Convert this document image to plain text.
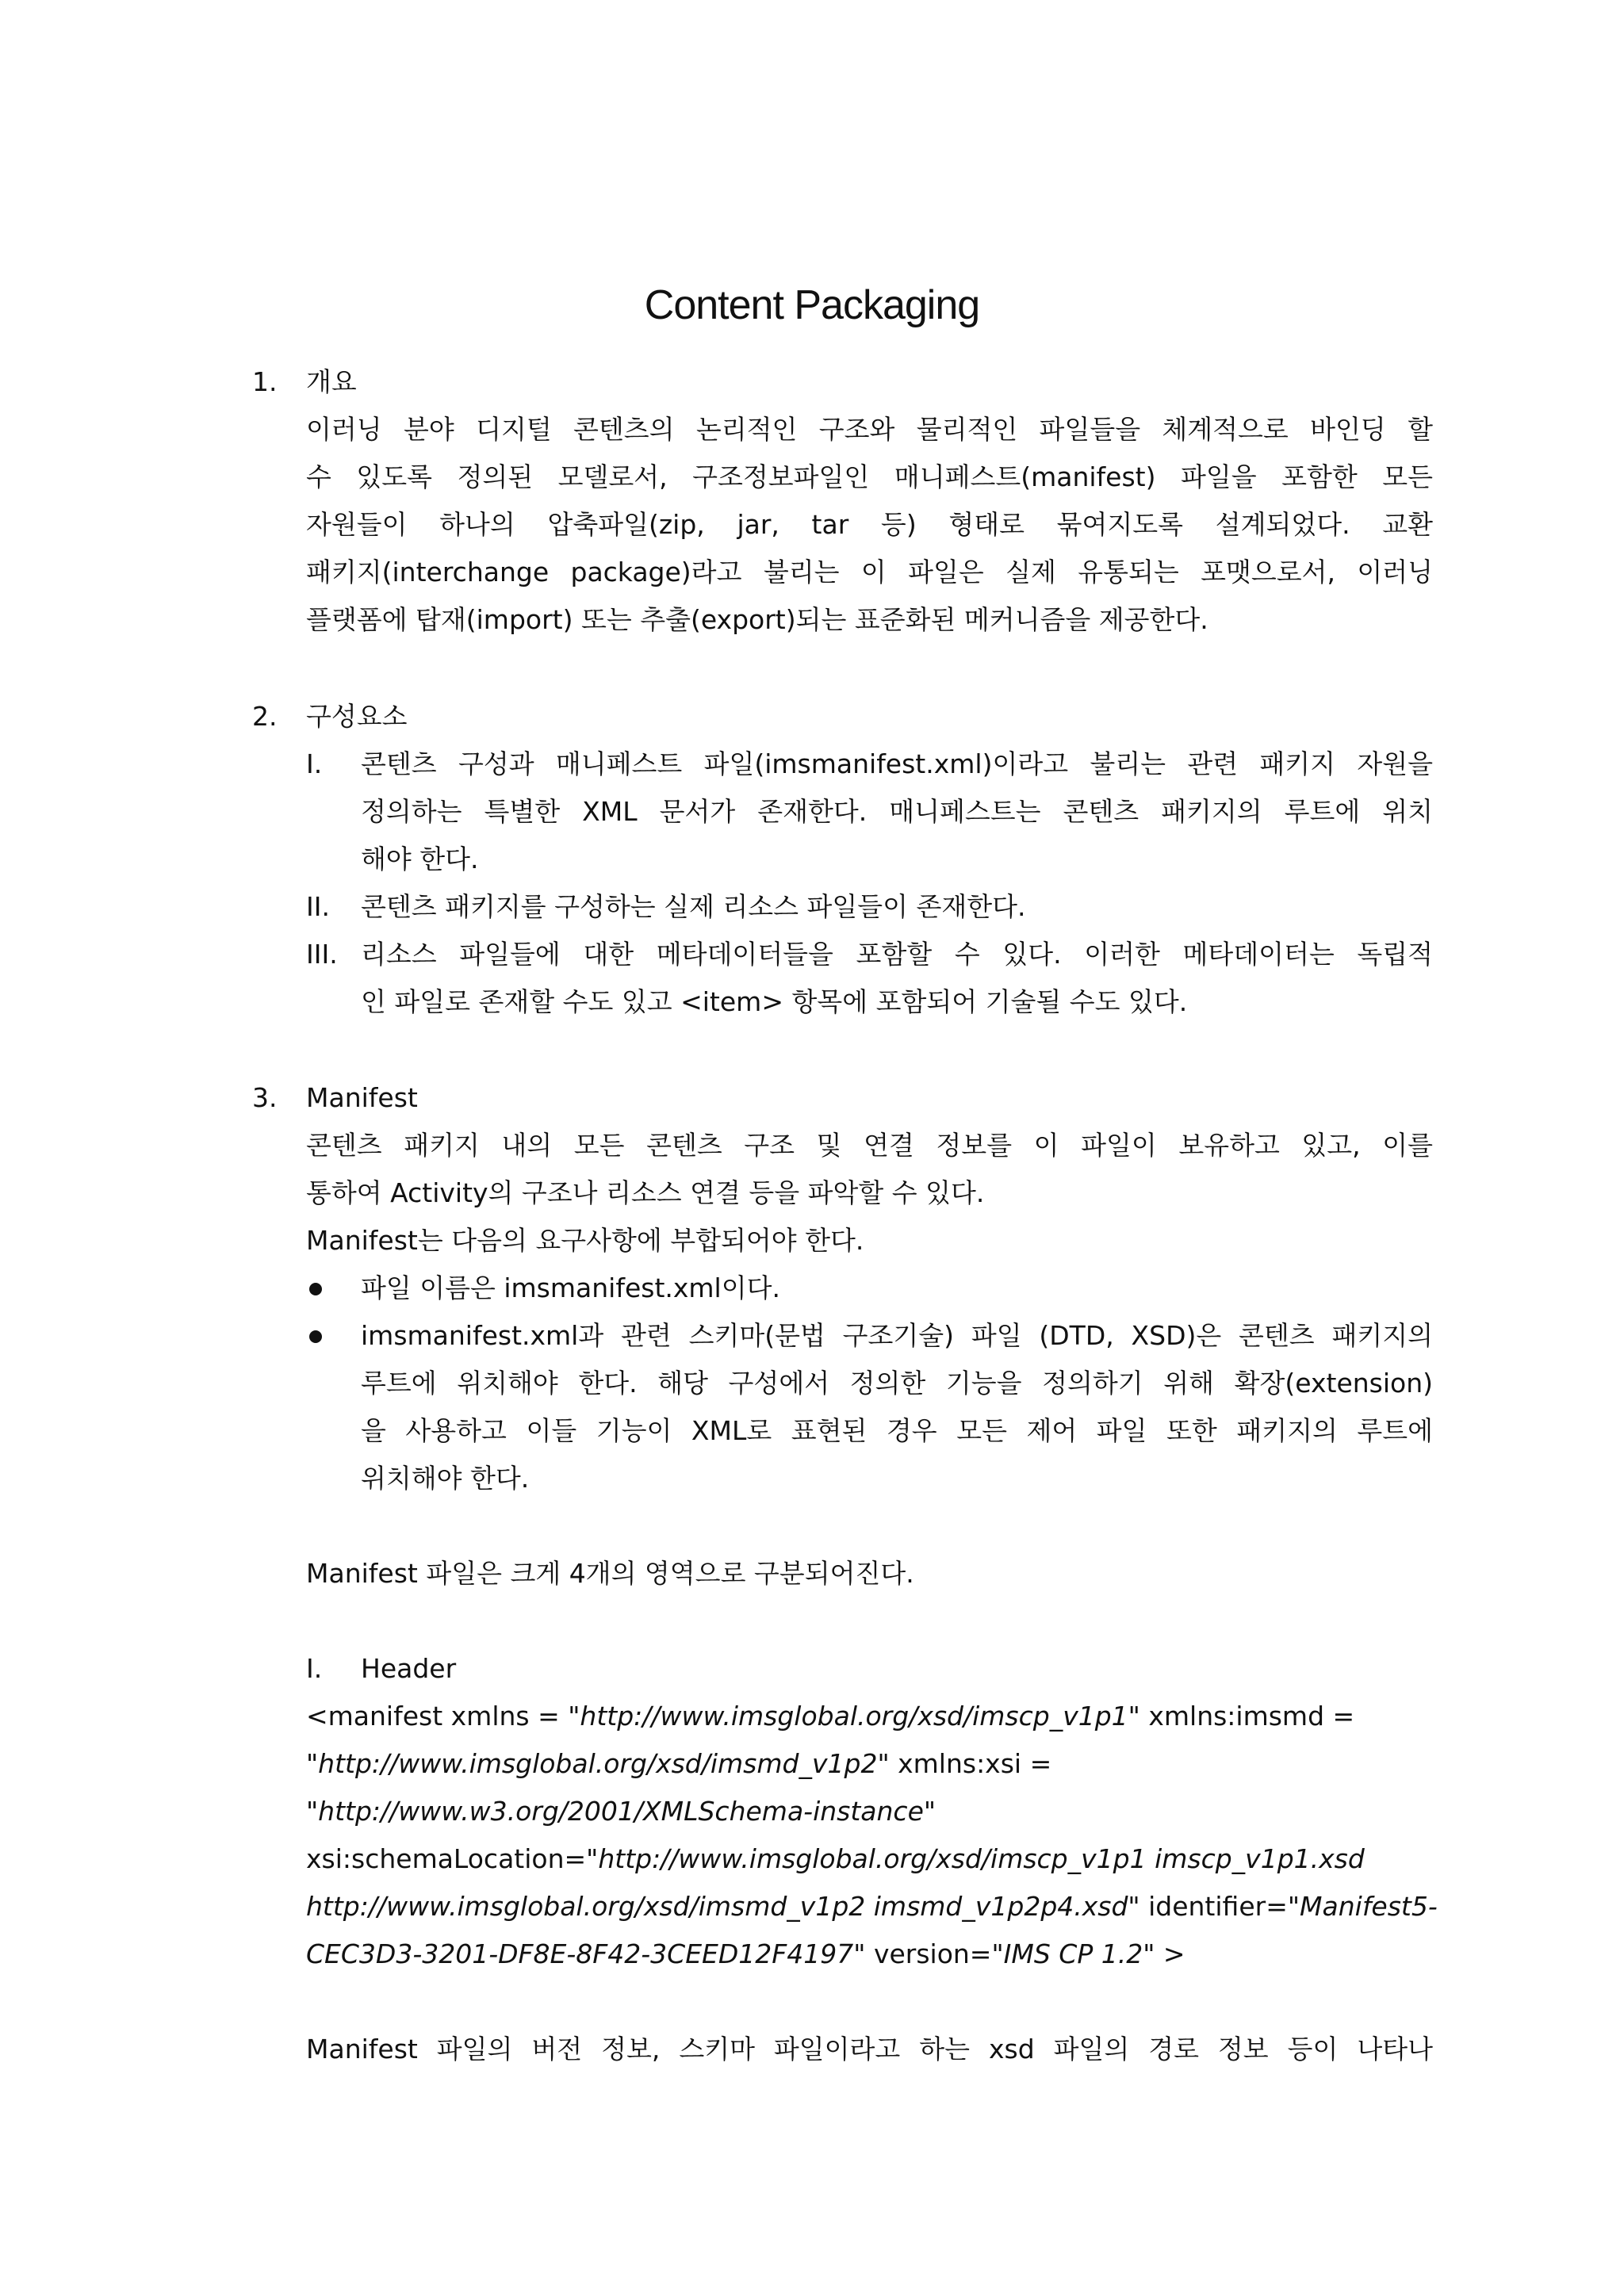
Content Packaging
1. 개요
이러닝 분야 디지털 콘텐츠의 논리적인 구조와 물리적인 파일들을 체계적으로 바인딩 할
수 있도록 정의된 모델로서, 구조정보파일인 매니페스트(manifest) 파일을 포함한 모든
자원들이 하나의 압축파일(zip, jar, tar 등) 형태로 묶여지도록 설계되었다. 교환
패키지(interchange package)라고 불리는 이 파일은 실제 유통되는 포맷으로서, 이러닝
플랫폼에 탑재(import) 또는 추출(export)되는 표준화된 메커니즘을 제공한다.
2. 구성요소
I. 콘텐츠 구성과 매니페스트 파일(imsmanifest.xml)이라고 불리는 관련 패키지 자원을
정의하는 특별한 XML 문서가 존재한다. 매니페스트는 콘텐츠 패키지의 루트에 위치
해야 한다.
II. 콘텐츠 패키지를 구성하는 실제 리소스 파일들이 존재한다.
III. 리소스 파일들에 대한 메타데이터들을 포함할 수 있다. 이러한 메타데이터는 독립적
인 파일로 존재할 수도 있고 <item> 항목에 포함되어 기술될 수도 있다.
3. Manifest
콘텐츠 패키지 내의 모든 콘텐츠 구조 및 연결 정보를 이 파일이 보유하고 있고, 이를
통하여 Activity의 구조나 리소스 연결 등을 파악할 수 있다.
Manifest는 다음의 요구사항에 부합되어야 한다.
파일 이름은 imsmanifest.xml이다.
imsmanifest.xml과 관련 스키마(문법 구조기술) 파일 (DTD, XSD)은 콘텐츠 패키지의
루트에 위치해야 한다. 해당 구성에서 정의한 기능을 정의하기 위해 확장(extension)
을 사용하고 이들 기능이 XML로 표현된 경우 모든 제어 파일 또한 패키지의 루트에
위치해야 한다.
Manifest 파일은 크게 4개의 영역으로 구분되어진다.
I. Header
<manifest xmlns = "http://www.imsglobal.org/xsd/imscp_v1p1" xmlns:imsmd =
"http://www.imsglobal.org/xsd/imsmd_v1p2" xmlns:xsi =
"http://www.w3.org/2001/XMLSchema-instance"
xsi:schemaLocation="http://www.imsglobal.org/xsd/imscp_v1p1 imscp_v1p1.xsd
http://www.imsglobal.org/xsd/imsmd_v1p2 imsmd_v1p2p4.xsd" identifier="Manifest5-
CEC3D3-3201-DF8E-8F42-3CEED12F4197" version="IMS CP 1.2" >
Manifest 파일의 버전 정보, 스키마 파일이라고 하는 xsd 파일의 경로 정보 등이 나타나
